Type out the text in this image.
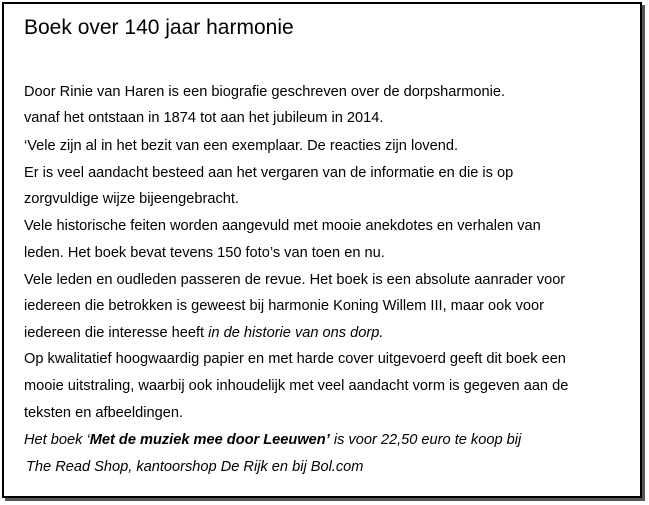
Boek over 140 jaar harmonie
Door Rinie van Haren is een biografie geschreven over de dorpsharmonie.
vanaf het ontstaan in 1874 tot aan het jubileum in 2014.
‘Vele zijn al in het bezit van een exemplaar. De reacties zijn lovend.
Er is veel aandacht besteed aan het vergaren van de informatie en die is op
zorgvuldige wijze bijeengebracht.
Vele historische feiten worden aangevuld met mooie anekdotes en verhalen van
leden. Het boek bevat tevens 150 foto’s van toen en nu.
Vele leden en oudleden passeren de revue. Het boek is een absolute aanrader voor
iedereen die betrokken is geweest bij harmonie Koning Willem III, maar ook voor
iedereen die interesse heeft in de historie van ons dorp.
Op kwalitatief hoogwaardig papier en met harde cover uitgevoerd geeft dit boek een
mooie uitstraling, waarbij ook inhoudelijk met veel aandacht vorm is gegeven aan de
teksten en afbeeldingen.
Het boek ‘Met de muziek mee door Leeuwen’ is voor 22,50 euro te koop bij
The Read Shop, kantoorshop De Rijk en bij Bol.com
